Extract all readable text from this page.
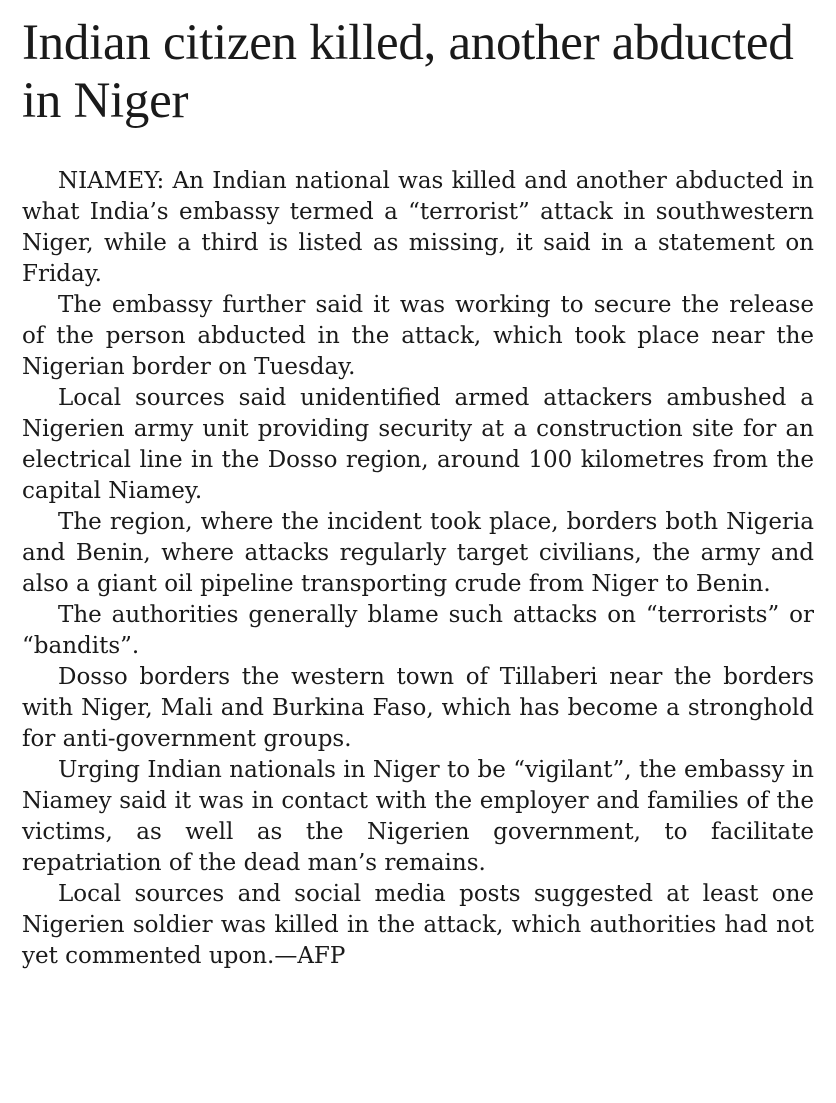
Indian citizen killed, another abducted in Niger

NIAMEY: An Indian national was killed and another abducted in what India’s embassy termed a “terrorist” attack in southwestern Niger, while a third is listed as missing, it said in a statement on Friday.

The embassy further said it was working to secure the release of the person abducted in the attack, which took place near the Nigerian border on Tuesday.

Local sources said unidentified armed attackers ambushed a Nigerien army unit providing security at a construction site for an electrical line in the Dosso region, around 100 kilometres from the capital Niamey.

The region, where the incident took place, borders both Nigeria and Benin, where attacks regularly target civilians, the army and also a giant oil pipeline transporting crude from Niger to Benin.

The authorities generally blame such attacks on “terrorists” or “bandits”.

Dosso borders the western town of Tillaberi near the borders with Niger, Mali and Burkina Faso, which has become a stronghold for anti-government groups.

Urging Indian nationals in Niger to be “vigilant”, the embassy in Niamey said it was in contact with the employer and families of the victims, as well as the Nigerien government, to facilitate repatriation of the dead man’s remains.

Local sources and social media posts suggested at least one Nigerien soldier was killed in the attack, which authorities had not yet commented upon.—AFP
